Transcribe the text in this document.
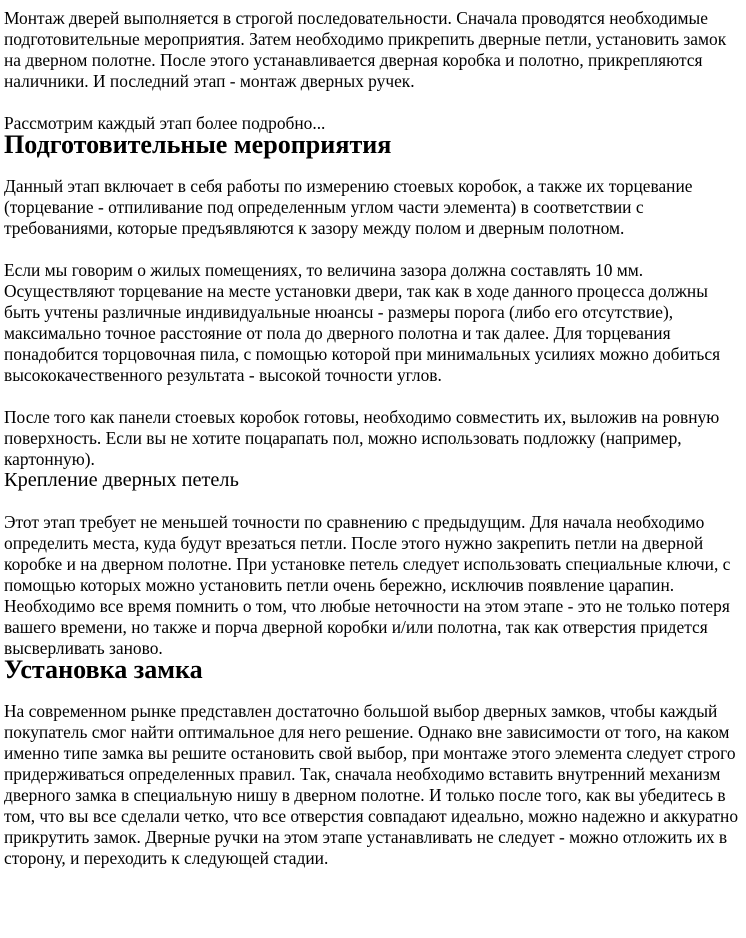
Монтаж дверей выполняется в строгой последовательности. Сначала проводятся необходимые подготовительные мероприятия. Затем необходимо прикрепить дверные петли, установить замок на дверном полотне. После этого устанавливается дверная коробка и полотно, прикрепляются наличники. И последний этап - монтаж дверных ручек.

Рассмотрим каждый этап более подробно...

Подготовительные мероприятия

Данный этап включает в себя работы по измерению стоевых коробок, а также их торцевание (торцевание - отпиливание под определенным углом части элемента) в соответствии с требованиями, которые предъявляются к зазору между полом и дверным полотном.

Если мы говорим о жилых помещениях, то величина зазора должна составлять 10 мм. Осуществляют торцевание на месте установки двери, так как в ходе данного процесса должны быть учтены различные индивидуальные нюансы - размеры порога (либо его отсутствие), максимально точное расстояние от пола до дверного полотна и так далее. Для торцевания понадобится торцовочная пила, с помощью которой при минимальных усилиях можно добиться высококачественного результата - высокой точности углов.

После того как панели стоевых коробок готовы, необходимо совместить их, выложив на ровную поверхность. Если вы не хотите поцарапать пол, можно использовать подложку (например, картонную).

Крепление дверных петель

Этот этап требует не меньшей точности по сравнению с предыдущим. Для начала необходимо определить места, куда будут врезаться петли. После этого нужно закрепить петли на дверной коробке и на дверном полотне. При установке петель следует использовать специальные ключи, с помощью которых можно установить петли очень бережно, исключив появление царапин. Необходимо все время помнить о том, что любые неточности на этом этапе - это не только потеря вашего времени, но также и порча дверной коробки и/или полотна, так как отверстия придется высверливать заново.

Установка замка

На современном рынке представлен достаточно большой выбор дверных замков, чтобы каждый покупатель смог найти оптимальное для него решение. Однако вне зависимости от того, на каком именно типе замка вы решите остановить свой выбор, при монтаже этого элемента следует строго придерживаться определенных правил. Так, сначала необходимо вставить внутренний механизм дверного замка в специальную нишу в дверном полотне. И только после того, как вы убедитесь в том, что вы все сделали четко, что все отверстия совпадают идеально, можно надежно и аккуратно прикрутить замок. Дверные ручки на этом этапе устанавливать не следует - можно отложить их в сторону, и переходить к следующей стадии.
